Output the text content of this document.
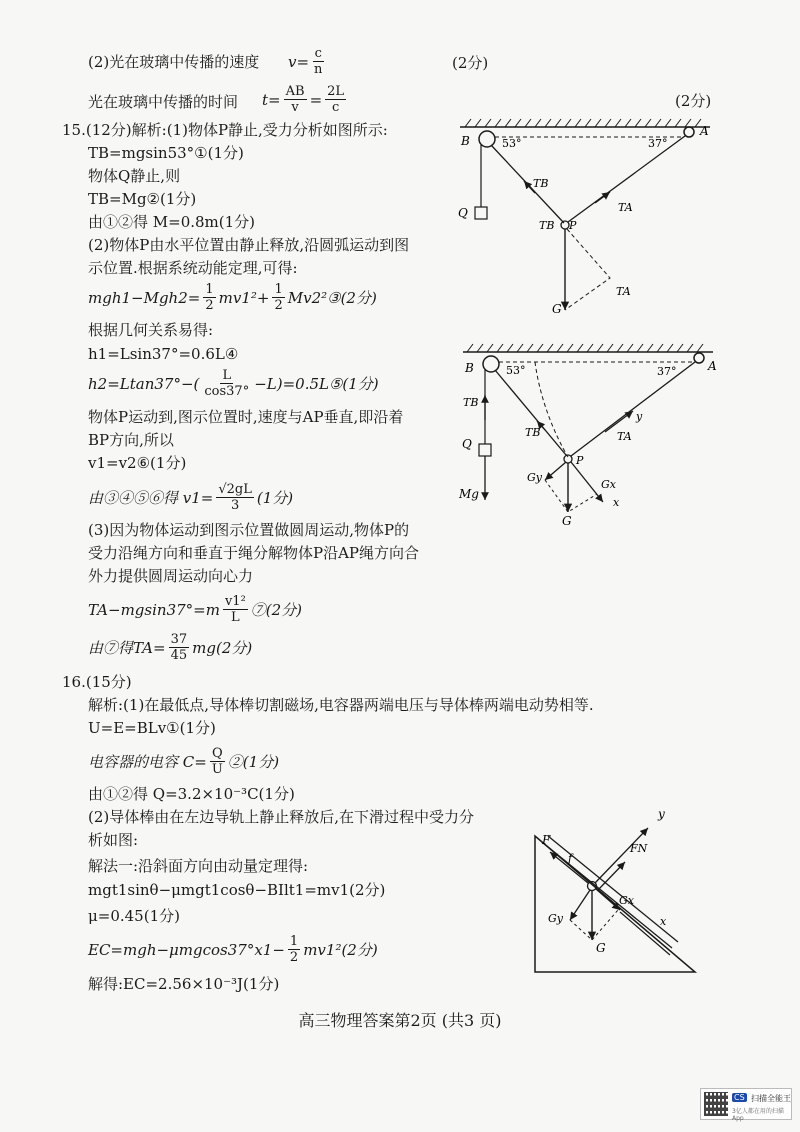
(2)光在玻璃中传播的速度 $v= \frac{c}{n}$	(2分)
光在玻璃中传播的时间 $t= \frac{AB}{v} = \frac{2L}{c}$	(2分)
15.(12分)解析:(1)物体P静止,受力分析如图所示:
TB=mgsin53°①(1分)
物体Q静止,则
TB=Mg②(1分)
由①②得 M=0.8m(1分)
(2)物体P由水平位置由静止释放,沿圆弧运动到图
示位置.根据系统动能定理,可得:
$mgh1-Mgh2= \frac{1}{2} mv1^2+ \frac{1}{2}$ Mv2²③(2分)
根据几何关系易得:
h1=Lsin37°=0.6L④
$h2=Ltan37^\circ-( \frac{L}{\cos 37^\circ}$ −L)=0.5L⑤(1分)
物体P运动到,图示位置时,速度与AP垂直,即沿着
BP方向,所以
v1=v2⑥(1分)
由③④⑤⑥得 $v1= \frac{√2gL}{3} (1$分)
(3)因为物体运动到图示位置做圆周运动,物体P的
受力沿绳方向和垂直于绳分解物体P沿AP绳方向合
外力提供圆周运动向心力
$TA-mgsin37^\circ=m \frac{\text{v1²}}{L}$ ⑦(2分)
由⑦得$TA= \frac{37}{45} mg(2$分)
16.(15分)
解析:(1)在最低点,导体棒切割磁场,电容器两端电压与导体棒两端电动势相等.
U=E=BLv①(1分)
电容器的电容 $C= \frac{Q}{U}$ ②(1分)
由①②得 Q=3.2×10⁻³C(1分)
(2)导体棒由在左边导轨上静止释放后,在下滑过程中受力分
析如图:
解法一:沿斜面方向由动量定理得:
mgt1sinθ−μmgt1cosθ−BIlt1=mv1(2分)
μ=0.45(1分)
$EC=mgh-\mu mgcos37^\circ x1- \frac{1}{2} mv1^2(2$分)
解得:EC=2.56×10⁻³J(1分)
B
A
53°	37°
TB
TB
TA
TA
Q
P
G
B	A
53°	37°
TB
TB	TA
y
Q
P
Mg
Gy
Gx
x
G
y
F
f
FN
Gx
Gy	x
G
高三物理答案第2页 (共3 页)
CS 扫描全能王
3亿人都在用的扫描App
